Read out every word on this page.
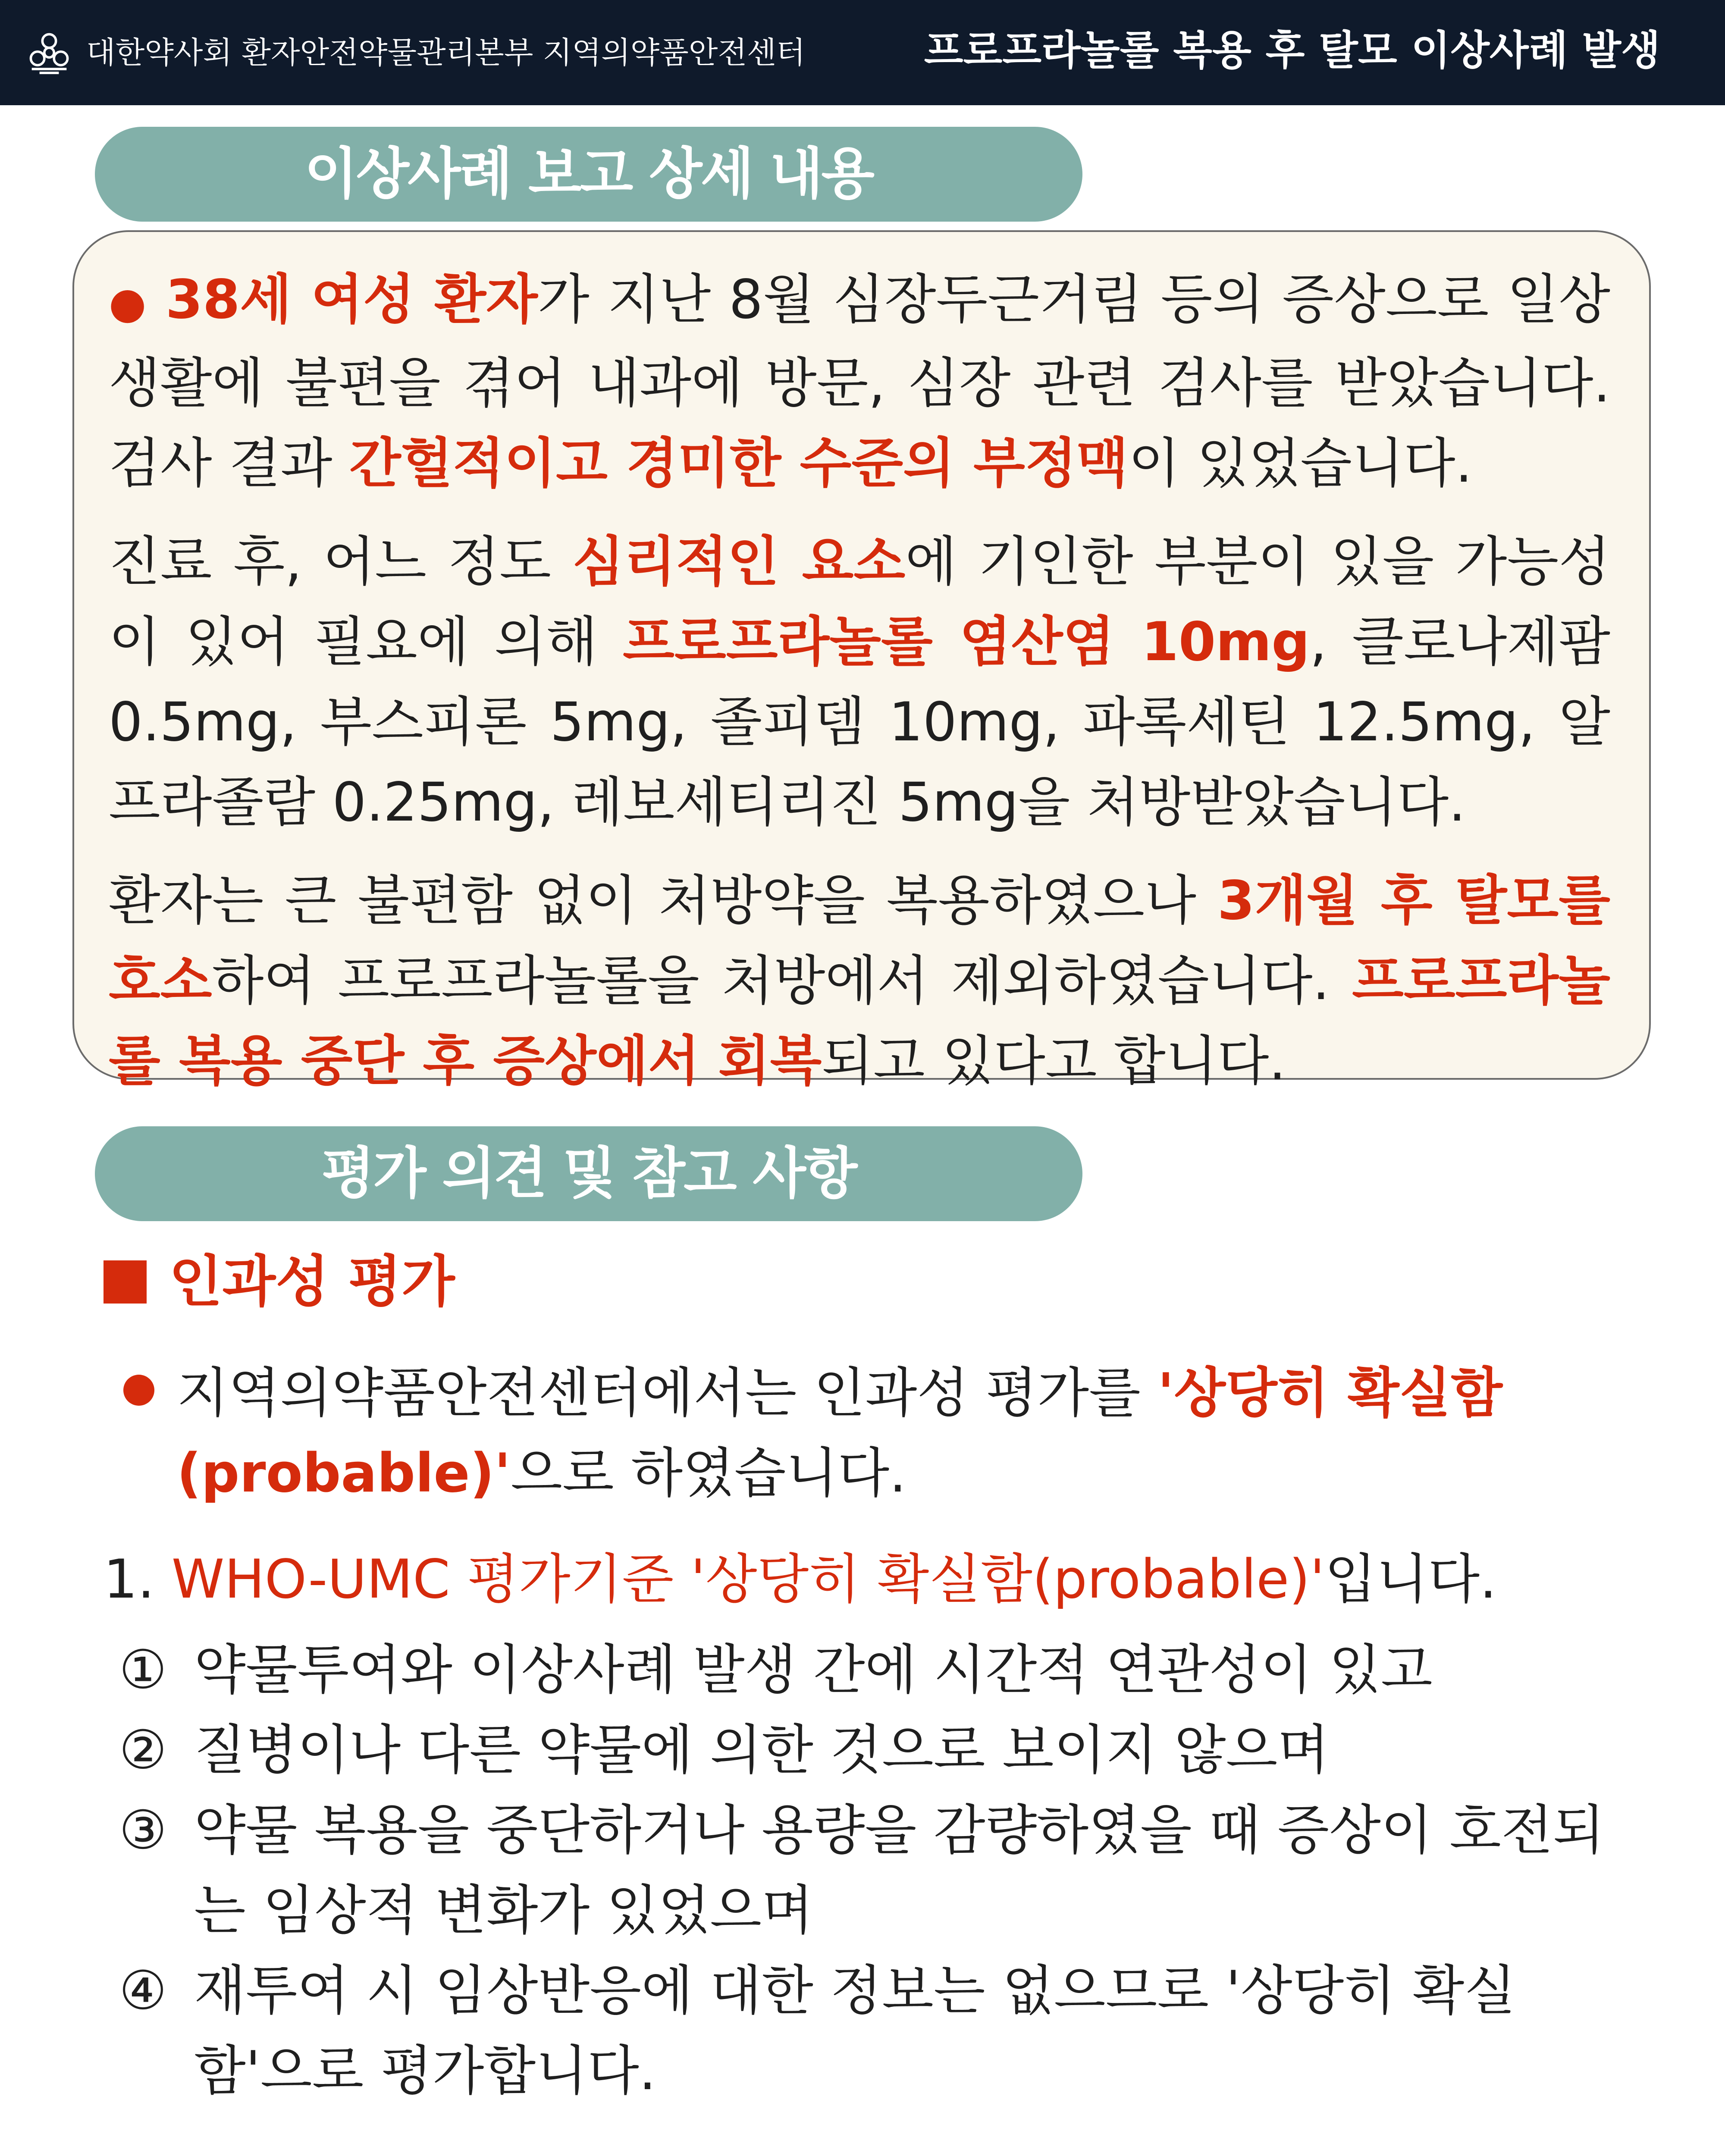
대한약사회 환자안전약물관리본부 지역의약품안전센터	프로프라놀롤 복용 후 탈모 이상사례 발생
이상사례 보고 상세 내용

● 38세 여성 환자가 지난 8월 심장두근거림 등의 증상으로 일상생활에 불편을 겪어 내과에 방문, 심장 관련 검사를 받았습니다. 검사 결과 간헐적이고 경미한 수준의 부정맥이 있었습니다.

진료 후, 어느 정도 심리적인 요소에 기인한 부분이 있을 가능성이 있어 필요에 의해 프로프라놀롤 염산염 10mg, 클로나제팜 0.5mg, 부스피론 5mg, 졸피뎀 10mg, 파록세틴 12.5mg, 알프라졸람 0.25mg, 레보세티리진 5mg을 처방받았습니다.

환자는 큰 불편함 없이 처방약을 복용하였으나 3개월 후 탈모를 호소하여 프로프라놀롤을 처방에서 제외하였습니다. 프로프라놀롤 복용 중단 후 증상에서 회복되고 있다고 합니다.

평가 의견 및 참고 사항
인과성 평가
지역의약품안전센터에서는 인과성 평가를 '상당히 확실함(probable)'으로 하였습니다.
1. WHO-UMC 평가기준 '상당히 확실함(probable)'입니다.
① 약물투여와 이상사례 발생 간에 시간적 연관성이 있고
② 질병이나 다른 약물에 의한 것으로 보이지 않으며
③ 약물 복용을 중단하거나 용량을 감량하였을 때 증상이 호전되는 임상적 변화가 있었으며
④ 재투여 시 임상반응에 대한 정보는 없으므로 '상당히 확실함'으로 평가합니다.
